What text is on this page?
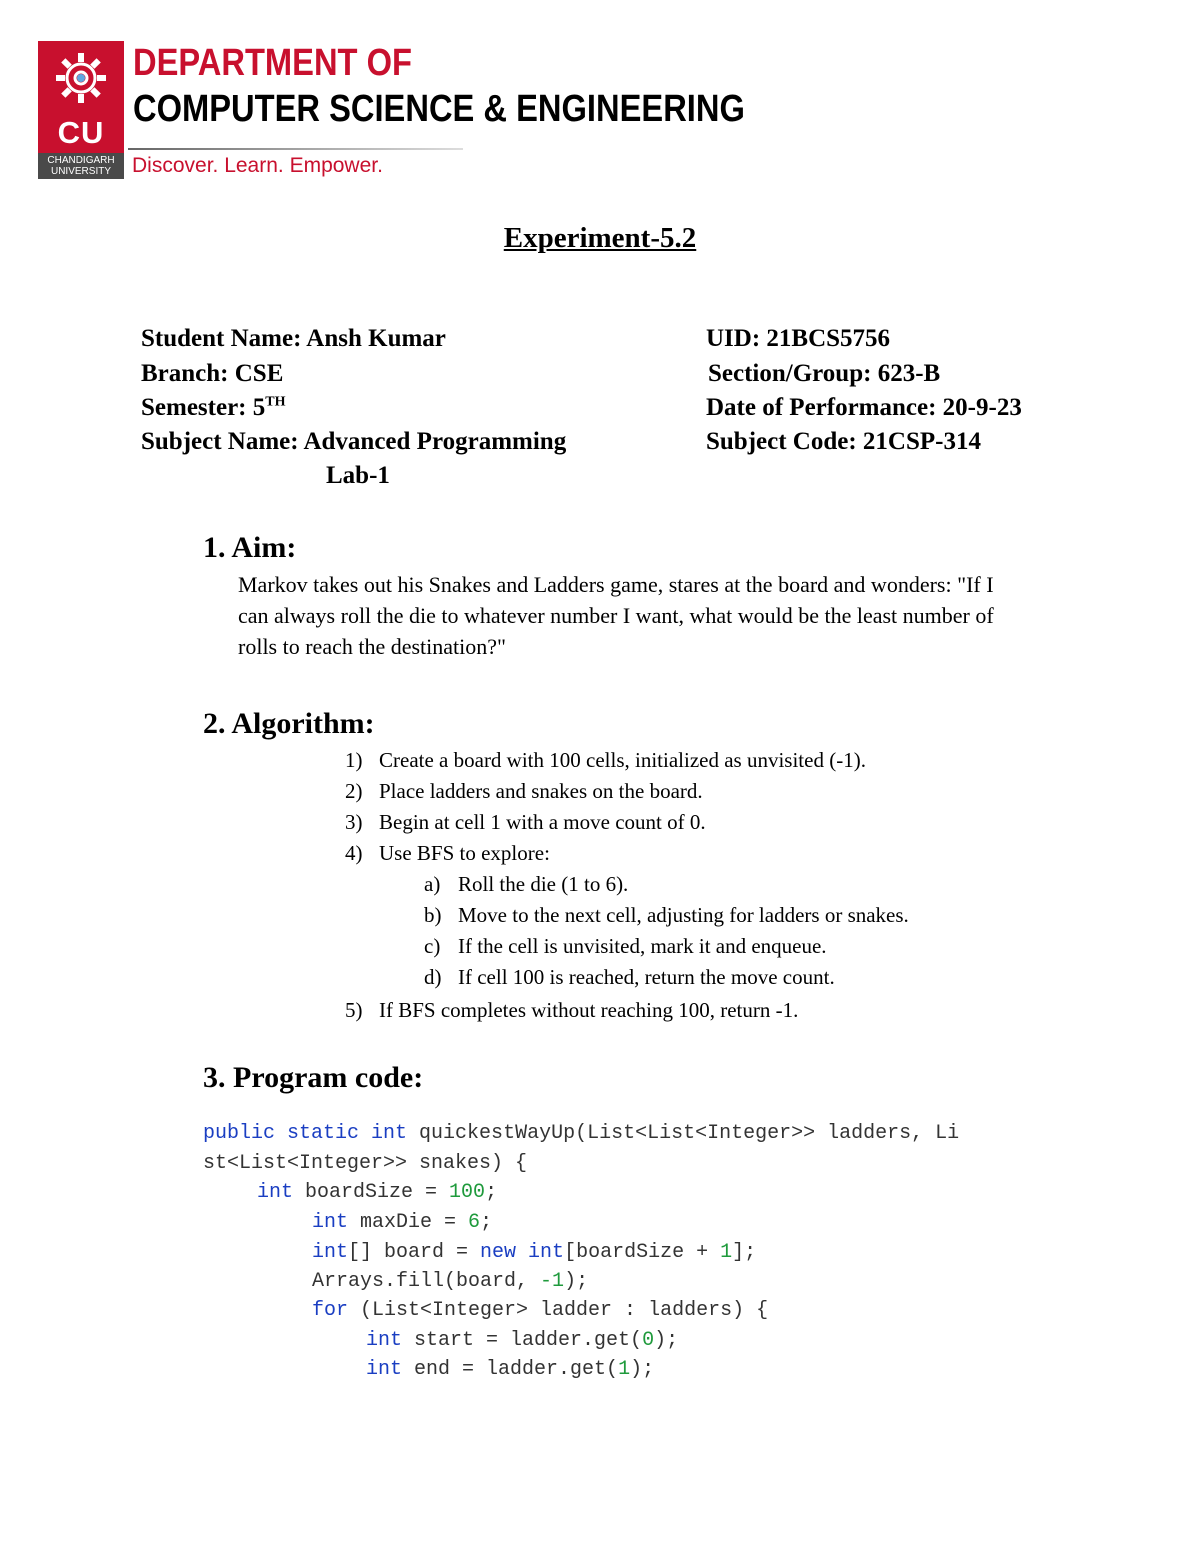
CU
CHANDIGARH UNIVERSITY
DEPARTMENT OF
COMPUTER SCIENCE & ENGINEERING
Discover. Learn. Empower.
Experiment-5.2
Student Name: Ansh Kumar	UID: 21BCS5756
Branch: CSE	Section/Group: 623-B
Semester: 5TH	Date of Performance: 20-9-23
Subject Name: Advanced Programming	Subject Code: 21CSP-314
Lab-1
1. Aim:
Markov takes out his Snakes and Ladders game, stares at the board and wonders: "If I
can always roll the die to whatever number I want, what would be the least number of
rolls to reach the destination?"
2. Algorithm:
1) Create a board with 100 cells, initialized as unvisited (-1).
2) Place ladders and snakes on the board.
3) Begin at cell 1 with a move count of 0.
4) Use BFS to explore:
a) Roll the die (1 to 6).
b) Move to the next cell, adjusting for ladders or snakes.
c) If the cell is unvisited, mark it and enqueue.
d) If cell 100 is reached, return the move count.
5) If BFS completes without reaching 100, return -1.
3. Program code:
public static int quickestWayUp(List<List<Integer>> ladders, Li
st<List<Integer>> snakes) {
int boardSize = 100;
int maxDie = 6;
int[] board = new int[boardSize + 1];
Arrays.fill(board, -1);
for (List<Integer> ladder : ladders) {
int start = ladder.get(0);
int end = ladder.get(1);
